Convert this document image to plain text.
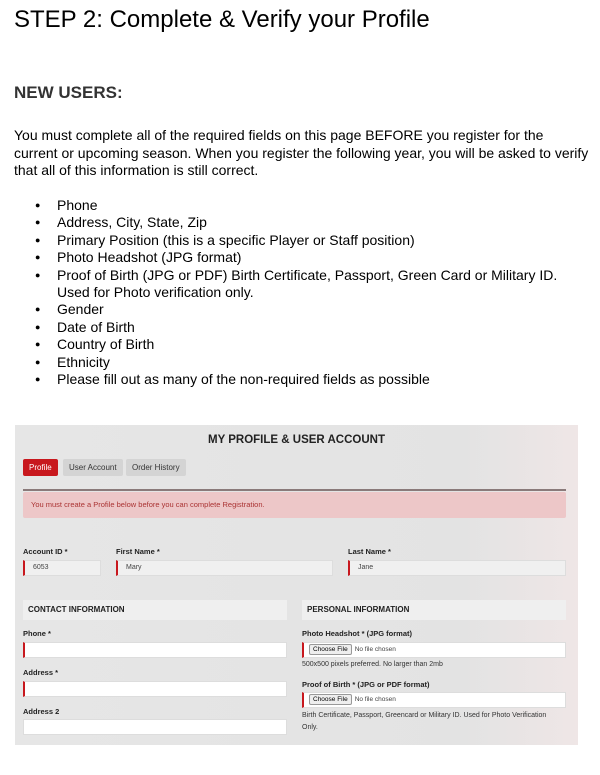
STEP 2: Complete & Verify your Profile
NEW USERS:

You must complete all of the required fields on this page BEFORE you register for the current or upcoming season. When you register the following year, you will be asked to verify that all of this information is still correct.

● Phone
● Address, City, State, Zip
● Primary Position (this is a specific Player or Staff position)
● Photo Headshot (JPG format)
● Proof of Birth (JPG or PDF) Birth Certificate, Passport, Green Card or Military ID. Used for Photo verification only.
● Gender
● Date of Birth
● Country of Birth
● Ethnicity
● Please fill out as many of the non-required fields as possible
MY PROFILE & USER ACCOUNT
Profile	User Account	Order History
You must create a Profile below before you can complete Registration.
Account ID *
6053
First Name *
Mary
Last Name *
Jane
CONTACT INFORMATION	PERSONAL INFORMATION
Phone *
Address *
Address 2
Photo Headshot * (JPG format)
Choose File No file chosen
500x500 pixels preferred. No larger than 2mb
Proof of Birth * (JPG or PDF format)
Choose File No file chosen
Birth Certificate, Passport, Greencard or Military ID. Used for Photo Verification Only.
